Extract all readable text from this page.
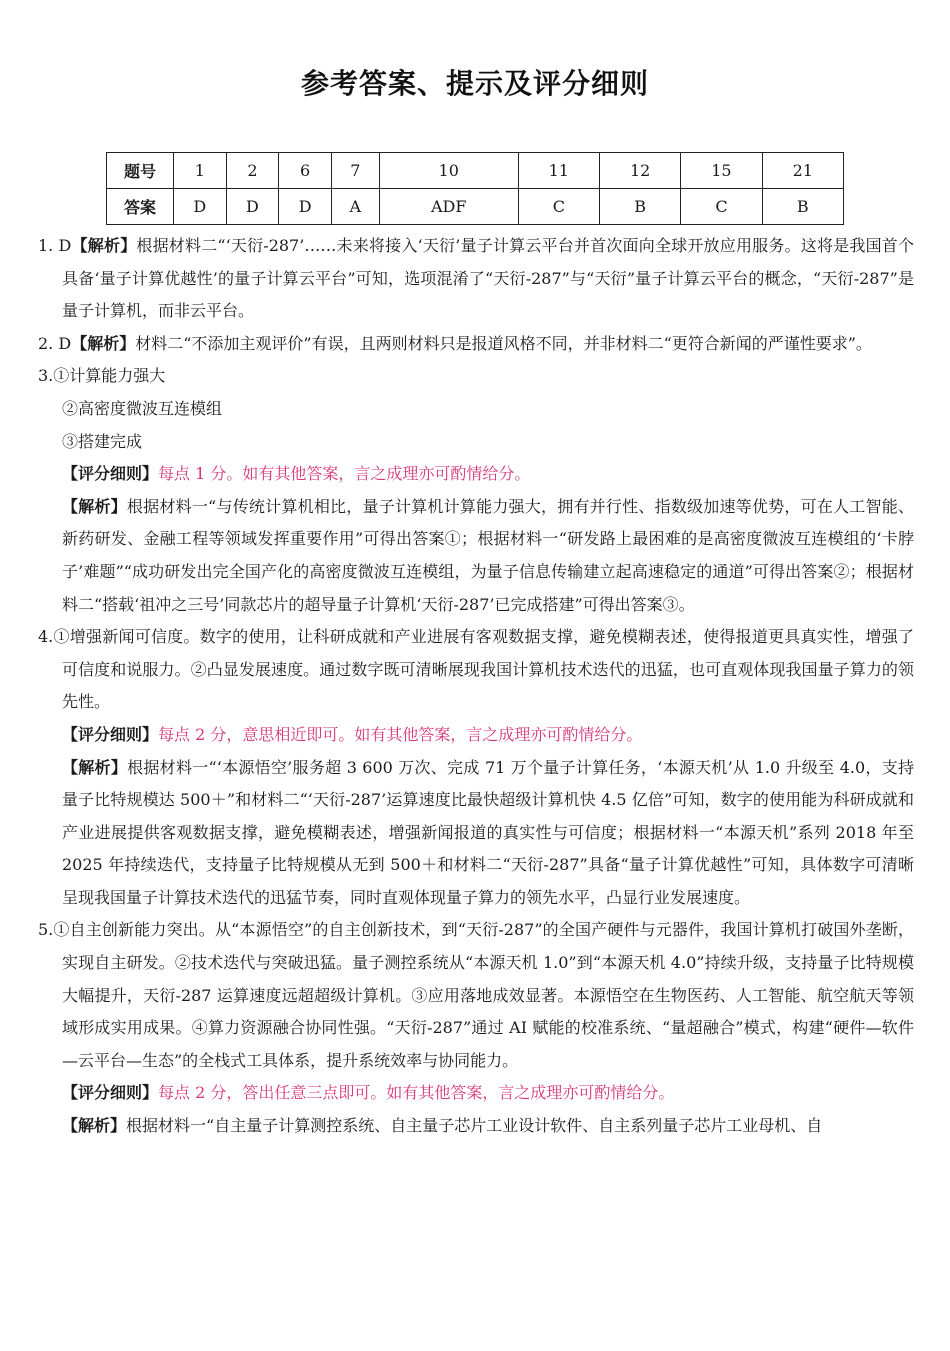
参考答案、提示及评分细则
题号	1	2	6	7	10	11	12	15	21
答案	D	D	D	A	ADF	C	B	C	B

1. D【解析】根据材料二“‘天衍-287’……未来将接入‘天衍’量子计算云平台并首次面向全球开放应用服务。这将是我国首个具备‘量子计算优越性’的量子计算云平台”可知，选项混淆了“天衍-287”与“天衍”量子计算云平台的概念，“天衍-287”是量子计算机，而非云平台。

2. D【解析】材料二“不添加主观评价”有误，且两则材料只是报道风格不同，并非材料二“更符合新闻的严谨性要求”。

3.①计算能力强大

②高密度微波互连模组

③搭建完成

【评分细则】每点 1 分。如有其他答案，言之成理亦可酌情给分。

【解析】根据材料一“与传统计算机相比，量子计算机计算能力强大，拥有并行性、指数级加速等优势，可在人工智能、新药研发、金融工程等领域发挥重要作用”可得出答案①；根据材料一“研发路上最困难的是高密度微波互连模组的‘卡脖子’难题”“成功研发出完全国产化的高密度微波互连模组，为量子信息传输建立起高速稳定的通道”可得出答案②；根据材料二“搭载‘祖冲之三号’同款芯片的超导量子计算机‘天衍-287’已完成搭建”可得出答案③。

4.①增强新闻可信度。数字的使用，让科研成就和产业进展有客观数据支撑，避免模糊表述，使得报道更具真实性，增强了可信度和说服力。②凸显发展速度。通过数字既可清晰展现我国计算机技术迭代的迅猛，也可直观体现我国量子算力的领先性。

【评分细则】每点 2 分，意思相近即可。如有其他答案，言之成理亦可酌情给分。

【解析】根据材料一“‘本源悟空’服务超 3 600 万次、完成 71 万个量子计算任务，‘本源天机’从 1.0 升级至 4.0，支持量子比特规模达 500＋”和材料二“‘天衍-287’运算速度比最快超级计算机快 4.5 亿倍”可知，数字的使用能为科研成就和产业进展提供客观数据支撑，避免模糊表述，增强新闻报道的真实性与可信度；根据材料一“本源天机”系列 2018 年至 2025 年持续迭代，支持量子比特规模从无到 500＋和材料二“天衍-287”具备“量子计算优越性”可知，具体数字可清晰呈现我国量子计算技术迭代的迅猛节奏，同时直观体现量子算力的领先水平，凸显行业发展速度。

5.①自主创新能力突出。从“本源悟空”的自主创新技术，到“天衍-287”的全国产硬件与元器件，我国计算机打破国外垄断，实现自主研发。②技术迭代与突破迅猛。量子测控系统从“本源天机 1.0”到“本源天机 4.0”持续升级，支持量子比特规模大幅提升，天衍-287 运算速度远超超级计算机。③应用落地成效显著。本源悟空在生物医药、人工智能、航空航天等领域形成实用成果。④算力资源融合协同性强。“天衍-287”通过 AI 赋能的校准系统、“量超融合”模式，构建“硬件—软件—云平台—生态”的全栈式工具体系，提升系统效率与协同能力。

【评分细则】每点 2 分，答出任意三点即可。如有其他答案，言之成理亦可酌情给分。

【解析】根据材料一“自主量子计算测控系统、自主量子芯片工业设计软件、自主系列量子芯片工业母机、自
